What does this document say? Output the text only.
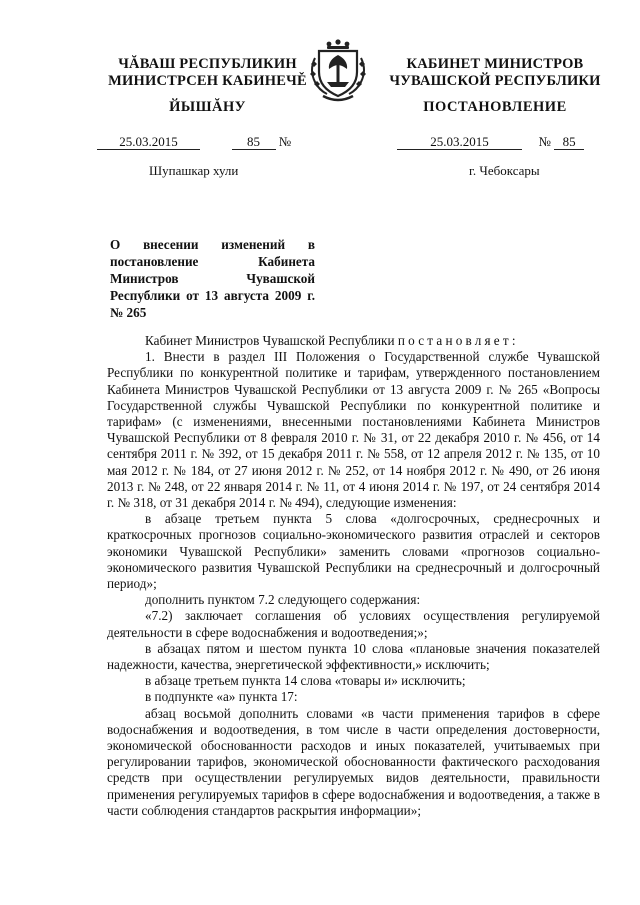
ЧĂВАШ РЕСПУБЛИКИН
МИНИСТРСЕН КАБИНЕЧĚ
ЙЫШĂНУ
КАБИНЕТ МИНИСТРОВ
ЧУВАШСКОЙ РЕСПУБЛИКИ
ПОСТАНОВЛЕНИЕ
25.03.2015	85 №	25.03.2015	№ 85
Шупашкар хули	г. Чебоксары
О внесении изменений в постановление Кабинета Министров Чувашской Республики от 13 августа 2009 г. № 265

Кабинет Министров Чувашской Республики постановляет:

1. Внести в раздел III Положения о Государственной службе Чувашской Республики по конкурентной политике и тарифам, утвержденного постановлением Кабинета Министров Чувашской Республики от 13 августа 2009 г. № 265 «Вопросы Государственной службы Чувашской Республики по конкурентной политике и тарифам» (с изменениями, внесенными постановлениями Кабинета Министров Чувашской Республики от 8 февраля 2010 г. № 31, от 22 декабря 2010 г. № 456, от 14 сентября 2011 г. № 392, от 15 декабря 2011 г. № 558, от 12 апреля 2012 г. № 135, от 10 мая 2012 г. № 184, от 27 июня 2012 г. № 252, от 14 ноября 2012 г. № 490, от 26 июня 2013 г. № 248, от 22 января 2014 г. № 11, от 4 июня 2014 г. № 197, от 24 сентября 2014 г. № 318, от 31 декабря 2014 г. № 494), следующие изменения:

в абзаце третьем пункта 5 слова «долгосрочных, среднесрочных и краткосрочных прогнозов социально-экономического развития отраслей и секторов экономики Чувашской Республики» заменить словами «прогнозов социально-экономического развития Чувашской Республики на среднесрочный и долгосрочный период»;

дополнить пунктом 7.2 следующего содержания:

«7.2) заключает соглашения об условиях осуществления регулируемой деятельности в сфере водоснабжения и водоотведения;»;

в абзацах пятом и шестом пункта 10 слова «плановые значения показателей надежности, качества, энергетической эффективности,» исключить;

в абзаце третьем пункта 14 слова «товары и» исключить;

в подпункте «а» пункта 17:

абзац восьмой дополнить словами «в части применения тарифов в сфере водоснабжения и водоотведения, в том числе в части определения достоверности, экономической обоснованности расходов и иных показателей, учитываемых при регулировании тарифов, экономической обоснованности фактического расходования средств при осуществлении регулируемых видов деятельности, правильности применения регулируемых тарифов в сфере водоснабжения и водоотведения, а также в части соблюдения стандартов раскрытия информации»;
